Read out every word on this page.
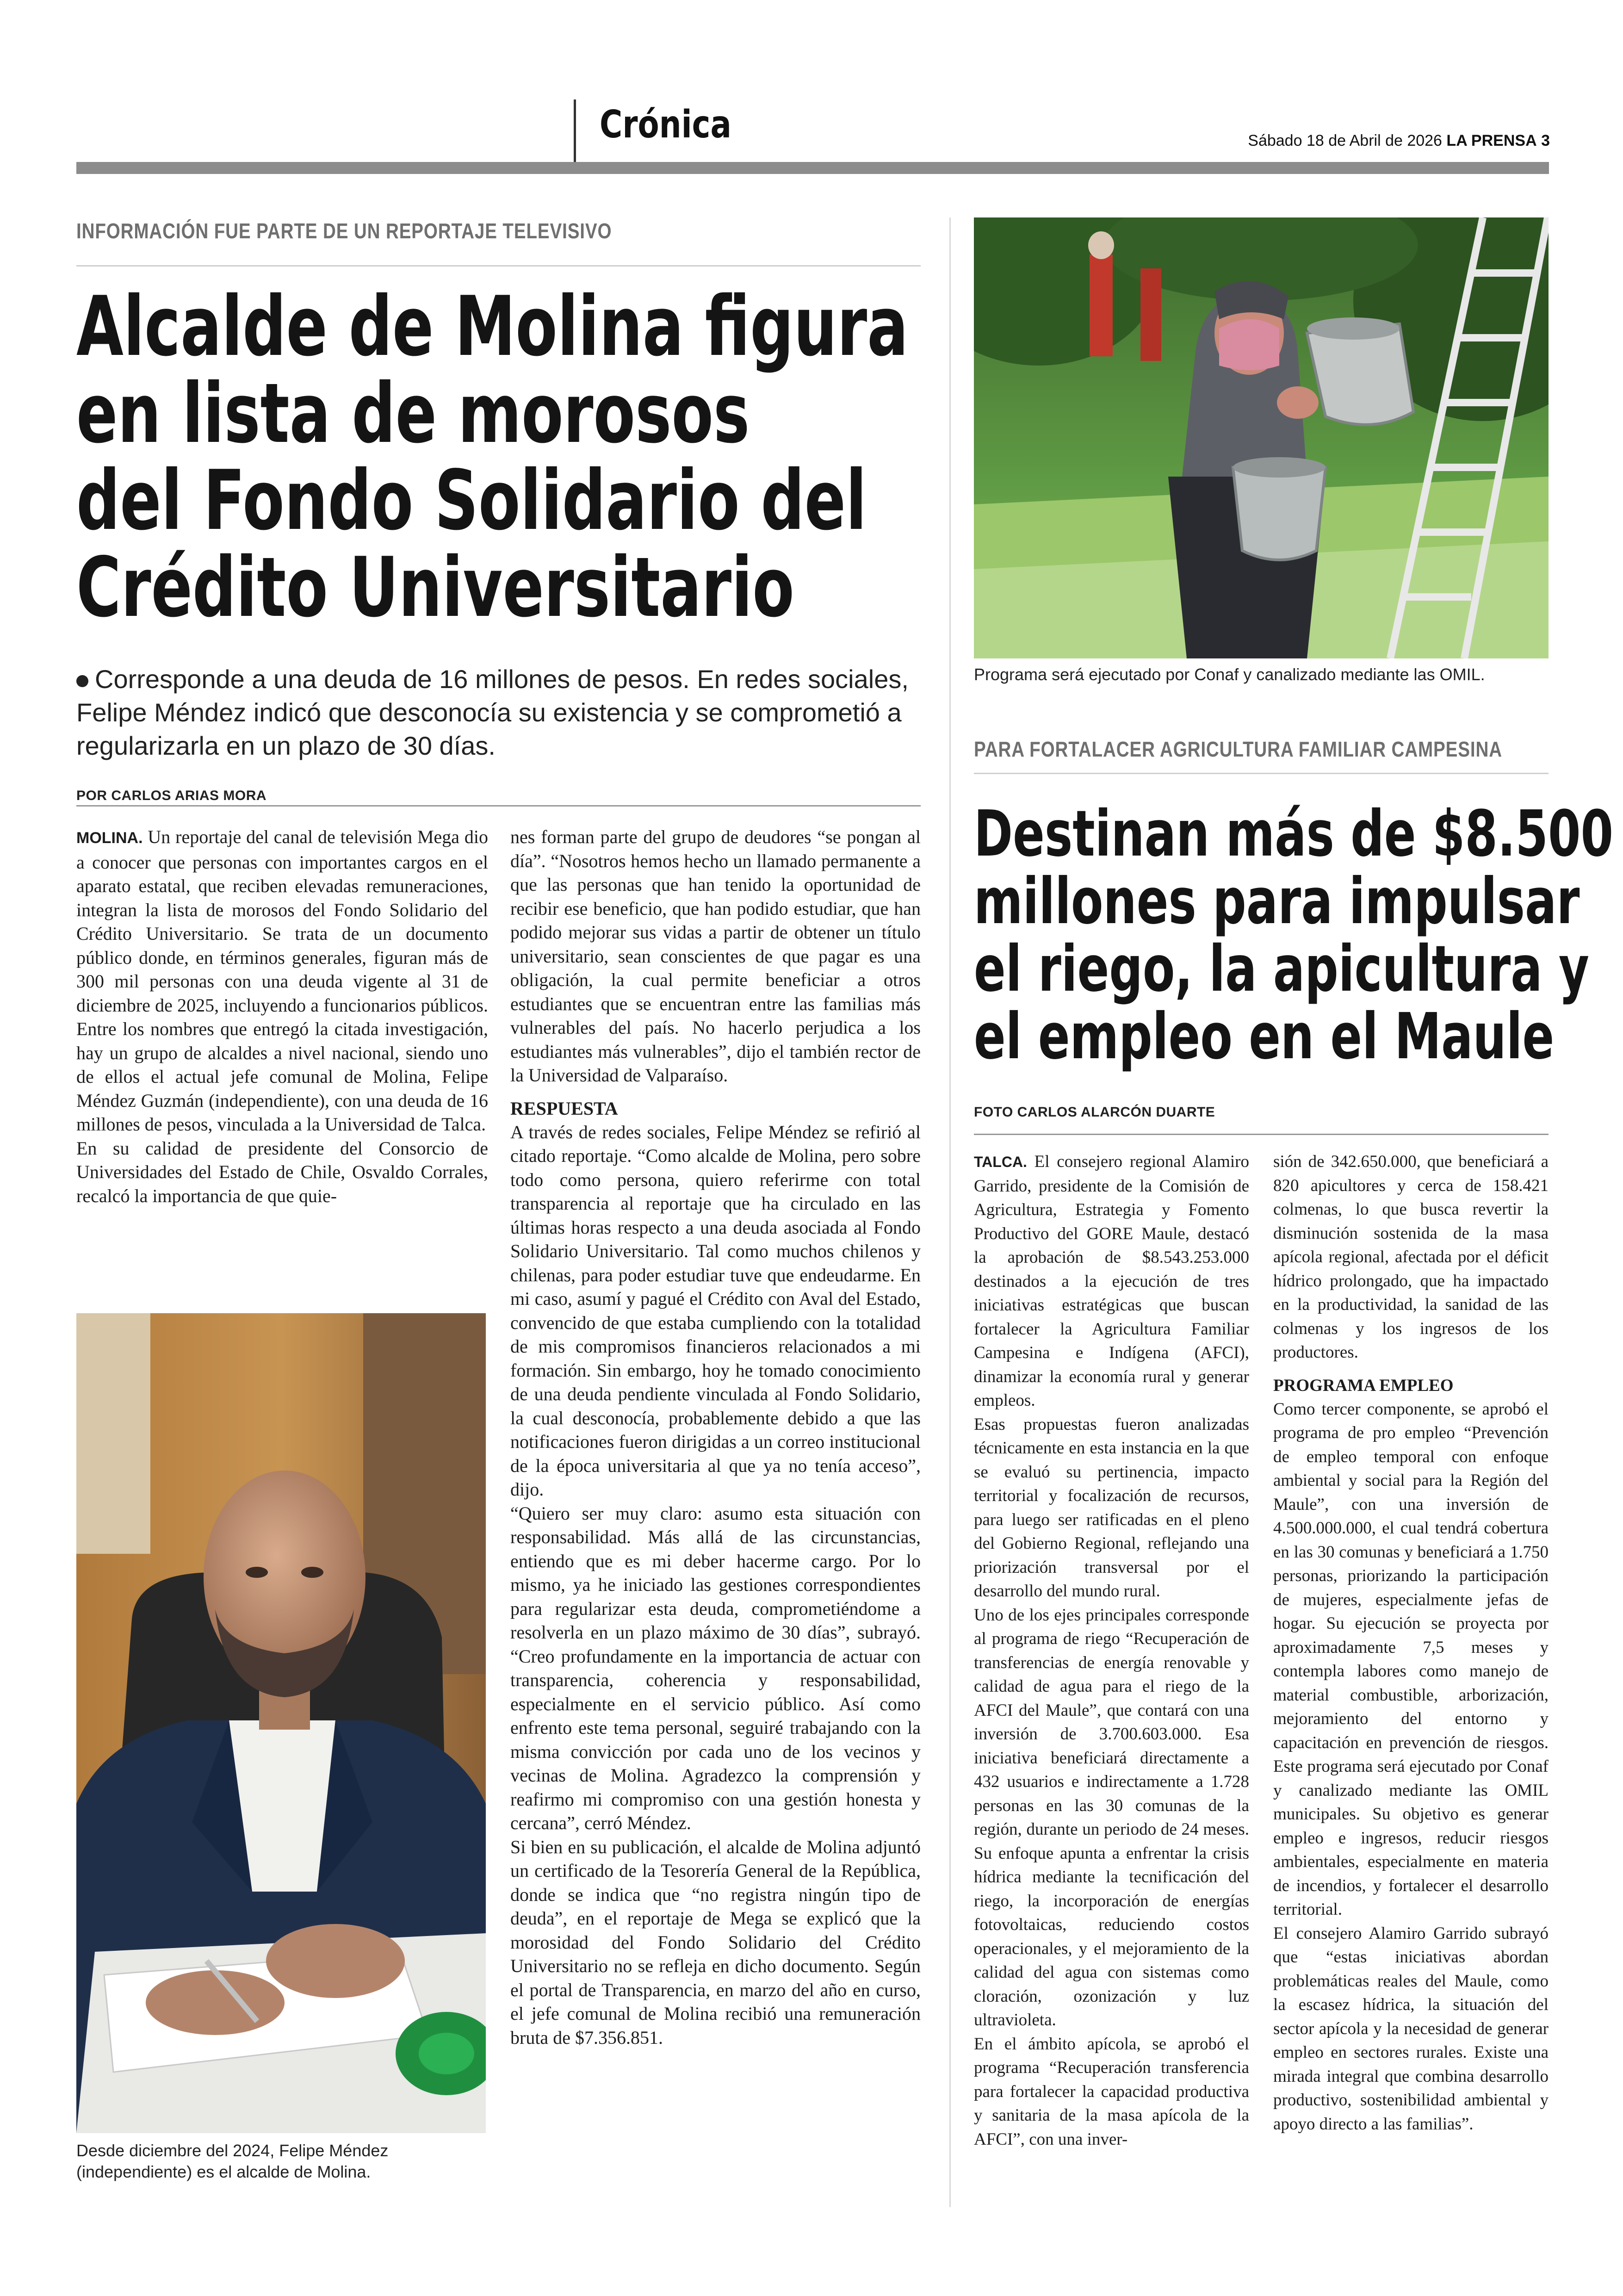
Crónica	Sábado 18 de Abril de 2026 LA PRENSA 3
INFORMACIÓN FUE PARTE DE UN REPORTAJE TELEVISIVO
Alcalde de Molina figura
en lista de morosos
del Fondo Solidario del
Crédito Universitario
Corresponde a una deuda de 16 millones de pesos. En redes sociales, Felipe Méndez indicó que desconocía su existencia y se comprometió a regularizarla en un plazo de 30 días.
POR CARLOS ARIAS MORA

MOLINA. Un reportaje del canal de televisión Mega dio a conocer que personas con importantes cargos en el aparato estatal, que reciben elevadas remuneraciones, integran la lista de morosos del Fondo Solidario del Crédito Universitario. Se trata de un documento público donde, en términos generales, figuran más de 300 mil personas con una deuda vigente al 31 de diciembre de 2025, incluyendo a funcionarios públicos. Entre los nombres que entregó la citada investigación, hay un grupo de alcaldes a nivel nacional, siendo uno de ellos el actual jefe comunal de Molina, Felipe Méndez Guzmán (independiente), con una deuda de 16 millones de pesos, vinculada a la Universidad de Talca.

En su calidad de presidente del Consorcio de Universidades del Estado de Chile, Osvaldo Corrales, recalcó la importancia de que quie-

Desde diciembre del 2024, Felipe Méndez (independiente) es el alcalde de Molina.

nes forman parte del grupo de deudores “se pongan al día”. “Nosotros hemos hecho un llamado permanente a que las personas que han tenido la oportunidad de recibir ese beneficio, que han podido estudiar, que han podido mejorar sus vidas a partir de obtener un título universitario, sean conscientes de que pagar es una obligación, la cual permite beneficiar a otros estudiantes que se encuentran entre las familias más vulnerables del país. No hacerlo perjudica a los estudiantes más vulnerables”, dijo el también rector de la Universidad de Valparaíso.

RESPUESTA

A través de redes sociales, Felipe Méndez se refirió al citado reportaje. “Como alcalde de Molina, pero sobre todo como persona, quiero referirme con total transparencia al reportaje que ha circulado en las últimas horas respecto a una deuda asociada al Fondo Solidario Universitario. Tal como muchos chilenos y chilenas, para poder estudiar tuve que endeudarme. En mi caso, asumí y pagué el Crédito con Aval del Estado, convencido de que estaba cumpliendo con la totalidad de mis compromisos financieros relacionados a mi formación. Sin embargo, hoy he tomado conocimiento de una deuda pendiente vinculada al Fondo Solidario, la cual desconocía, probablemente debido a que las notificaciones fueron dirigidas a un correo institucional de la época universitaria al que ya no tenía acceso”, dijo.

“Quiero ser muy claro: asumo esta situación con responsabilidad. Más allá de las circunstancias, entiendo que es mi deber hacerme cargo. Por lo mismo, ya he iniciado las gestiones correspondientes para regularizar esta deuda, comprometiéndome a resolverla en un plazo máximo de 30 días”, subrayó. “Creo profundamente en la importancia de actuar con transparencia, coherencia y responsabilidad, especialmente en el servicio público. Así como enfrento este tema personal, seguiré trabajando con la misma convicción por cada uno de los vecinos y vecinas de Molina. Agradezco la comprensión y reafirmo mi compromiso con una gestión honesta y cercana”, cerró Méndez.

Si bien en su publicación, el alcalde de Molina adjuntó un certificado de la Tesorería General de la República, donde se indica que “no registra ningún tipo de deuda”, en el reportaje de Mega se explicó que la morosidad del Fondo Solidario del Crédito Universitario no se refleja en dicho documento. Según el portal de Transparencia, en marzo del año en curso, el jefe comunal de Molina recibió una remuneración bruta de $7.356.851.

Programa será ejecutado por Conaf y canalizado mediante las OMIL.
PARA FORTALACER AGRICULTURA FAMILIAR CAMPESINA
Destinan más de $8.500
millones para impulsar
el riego, la apicultura y
el empleo en el Maule
FOTO CARLOS ALARCÓN DUARTE

TALCA. El consejero regional Alamiro Garrido, presidente de la Comisión de Agricultura, Estrategia y Fomento Productivo del GORE Maule, destacó la aprobación de $8.543.253.000 destinados a la ejecución de tres iniciativas estratégicas que buscan fortalecer la Agricultura Familiar Campesina e Indígena (AFCI), dinamizar la economía rural y generar empleos.

Esas propuestas fueron analizadas técnicamente en esta instancia en la que se evaluó su pertinencia, impacto territorial y focalización de recursos, para luego ser ratificadas en el pleno del Gobierno Regional, reflejando una priorización transversal por el desarrollo del mundo rural.

Uno de los ejes principales corresponde al programa de riego “Recuperación de transferencias de energía renovable y calidad de agua para el riego de la AFCI del Maule”, que contará con una inversión de 3.700.603.000. Esa iniciativa beneficiará directamente a 432 usuarios e indirectamente a 1.728 personas en las 30 comunas de la región, durante un periodo de 24 meses. Su enfoque apunta a enfrentar la crisis hídrica mediante la tecnificación del riego, la incorporación de energías fotovoltaicas, reduciendo costos operacionales, y el mejoramiento de la calidad del agua con sistemas como cloración, ozonización y luz ultravioleta.

En el ámbito apícola, se aprobó el programa “Recuperación transferencia para fortalecer la capacidad productiva y sanitaria de la masa apícola de la AFCI”, con una inver-

sión de 342.650.000, que beneficiará a 820 apicultores y cerca de 158.421 colmenas, lo que busca revertir la disminución sostenida de la masa apícola regional, afectada por el déficit hídrico prolongado, que ha impactado en la productividad, la sanidad de las colmenas y los ingresos de los productores.

PROGRAMA EMPLEO

Como tercer componente, se aprobó el programa de pro empleo “Prevención de empleo temporal con enfoque ambiental y social para la Región del Maule”, con una inversión de 4.500.000.000, el cual tendrá cobertura en las 30 comunas y beneficiará a 1.750 personas, priorizando la participación de mujeres, especialmente jefas de hogar. Su ejecución se proyecta por aproximadamente 7,5 meses y contempla labores como manejo de material combustible, arborización, mejoramiento del entorno y capacitación en prevención de riesgos. Este programa será ejecutado por Conaf y canalizado mediante las OMIL municipales. Su objetivo es generar empleo e ingresos, reducir riesgos ambientales, especialmente en materia de incendios, y fortalecer el desarrollo territorial.

El consejero Alamiro Garrido subrayó que “estas iniciativas abordan problemáticas reales del Maule, como la escasez hídrica, la situación del sector apícola y la necesidad de generar empleo en sectores rurales. Existe una mirada integral que combina desarrollo productivo, sostenibilidad ambiental y apoyo directo a las familias”.
